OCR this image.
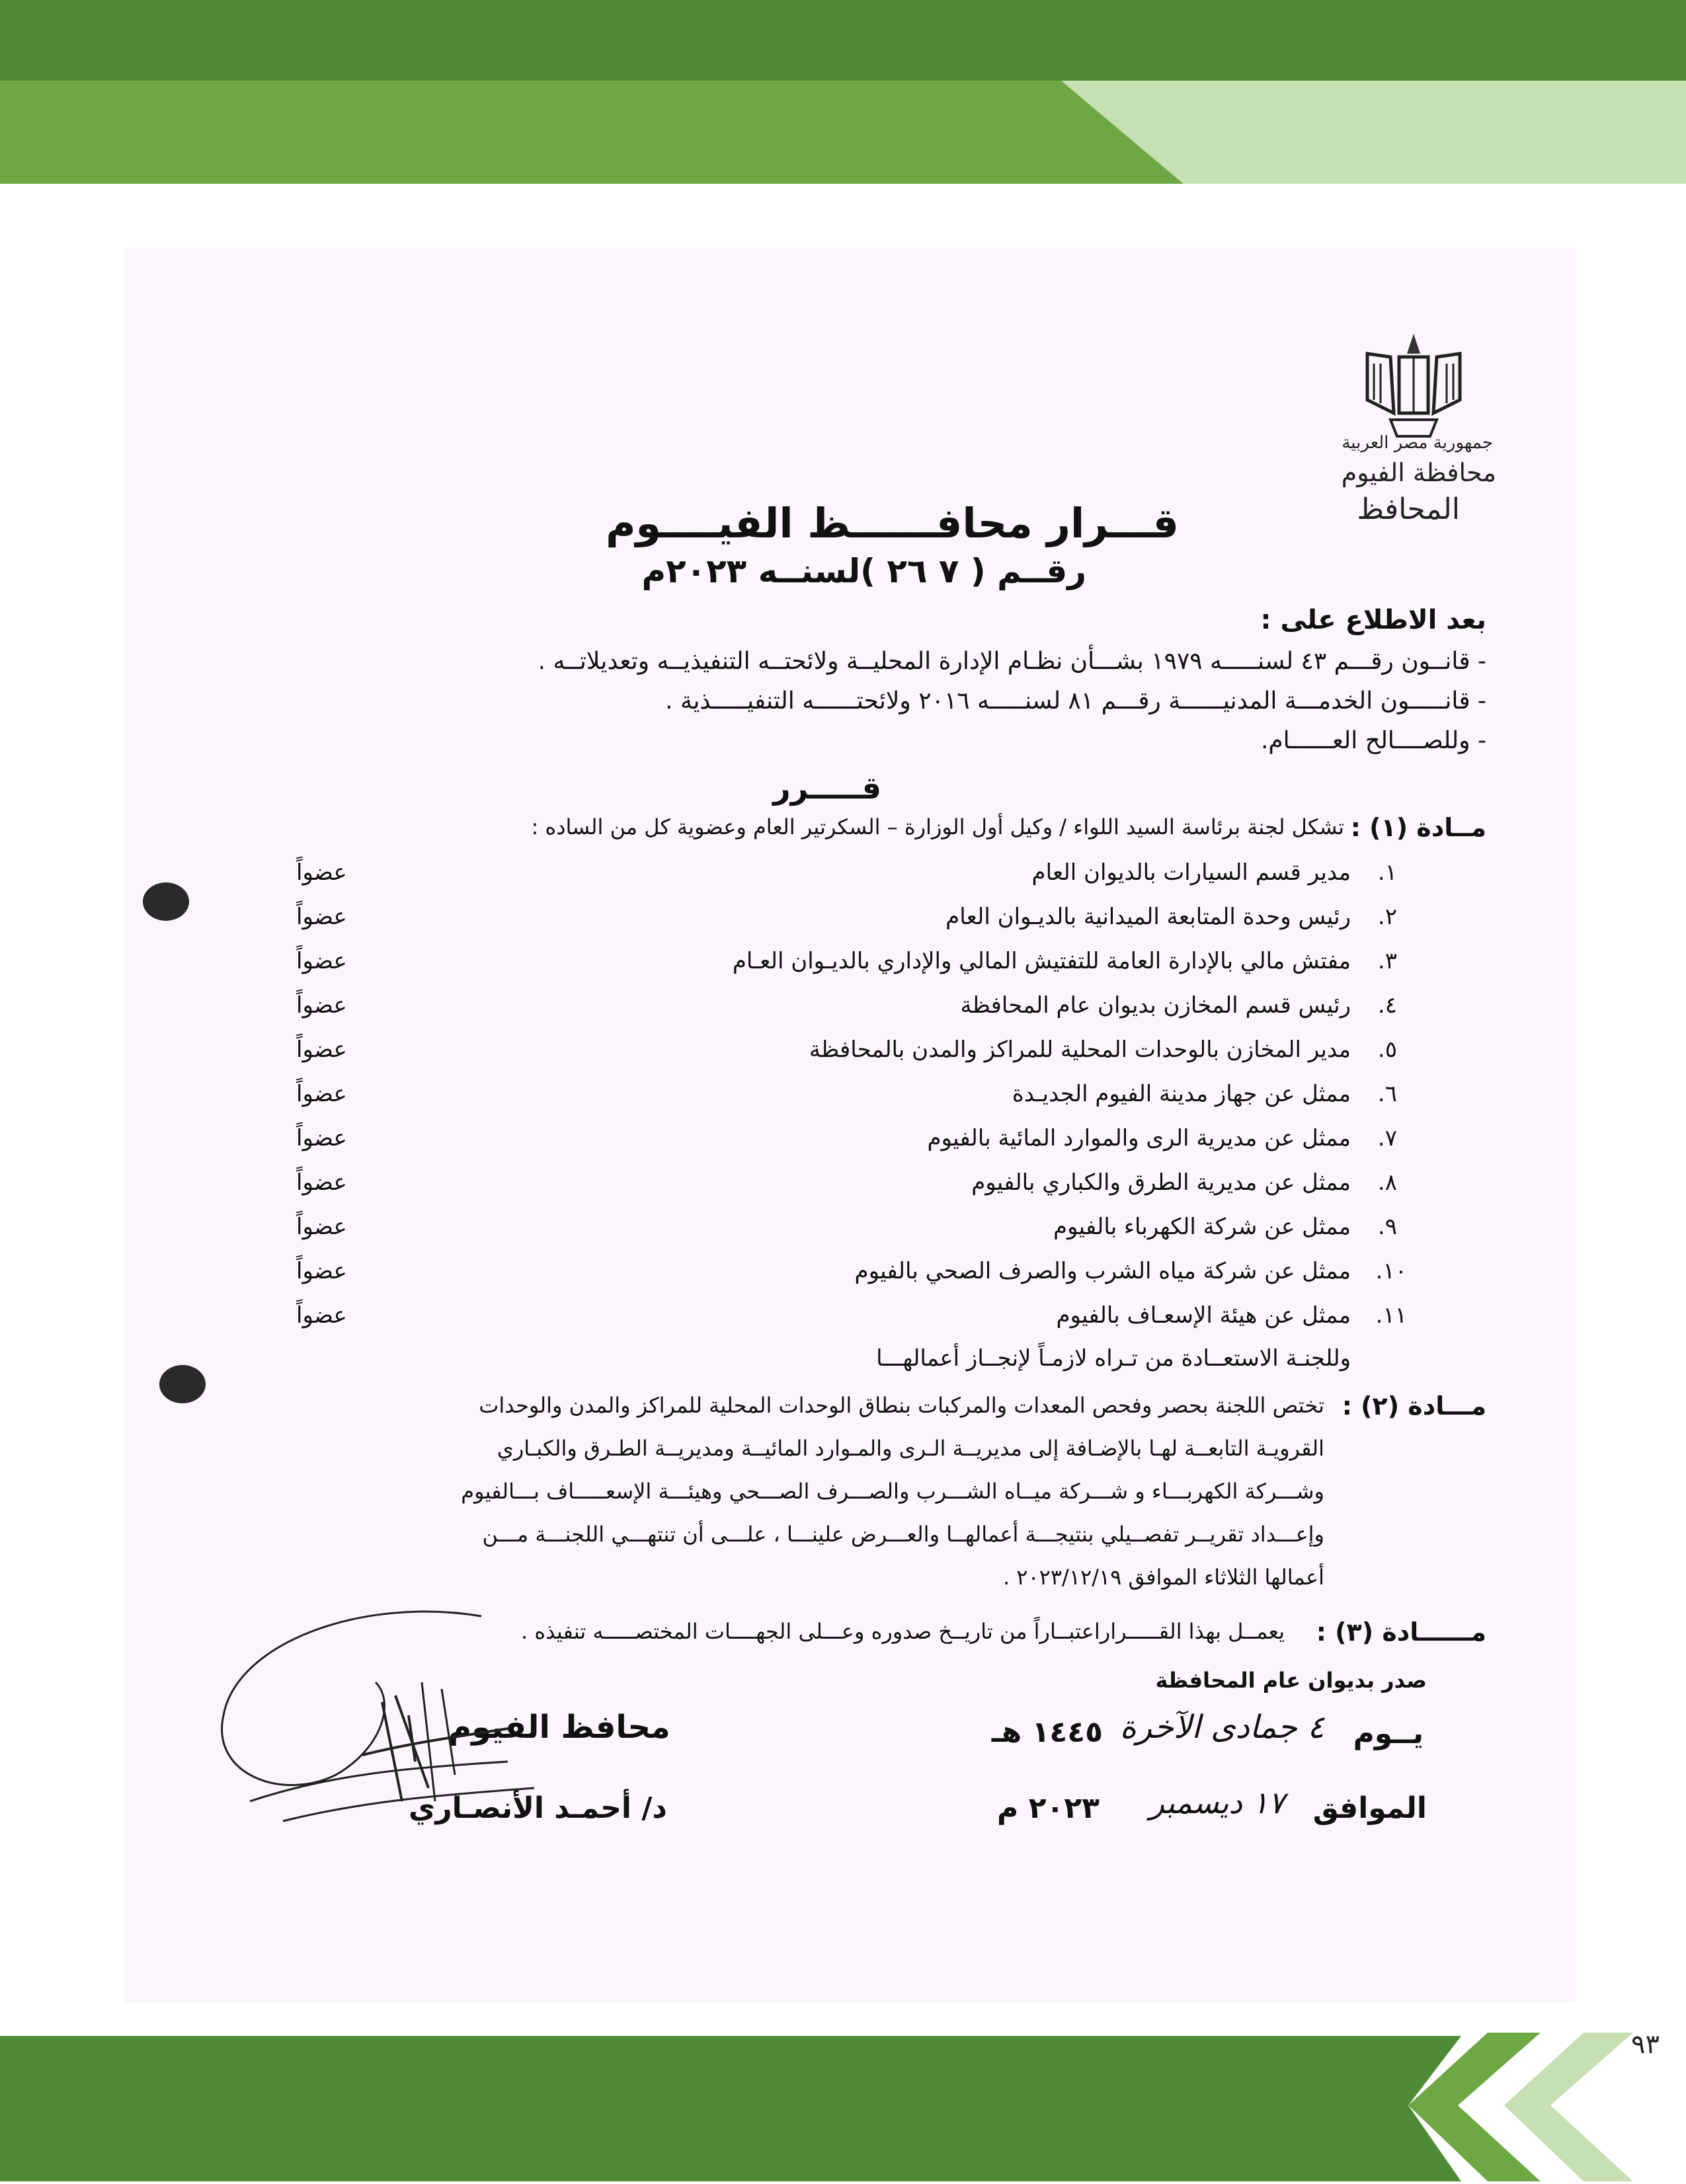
٩٣
جمهورية مصر العربية
محافظة الفيوم
المحافظ
قـــرار محافــــــظ الفيــــوم
رقــم ( ٧ ٢٦ )لسنــه ٢٠٢٣م
بعد الاطلاع على :
- قانــون رقـــم ٤٣ لسنـــــه ١٩٧٩ بشـــأن نظـام الإدارة المحليــة ولائحتــه التنفيذيــه وتعديلاتــه .
- قانـــــون الخدمـــة المدنيــــــة رقـــم ٨١ لسنـــــه ٢٠١٦ ولائحتــــــه التنفيـــــذية .
- وللصــــالح العــــــام.
قـــــرر
مــادة (١) :
تشكل لجنة برئاسة السيد اللواء / وكيل أول الوزارة – السكرتير العام وعضوية كل من الساده :
١.
مدير قسم السيارات بالديوان العام
عضواً
٢.
رئيس وحدة المتابعة الميدانية بالديـوان العام
عضواً
٣.
مفتش مالي بالإدارة العامة للتفتيش المالي والإداري بالديـوان العـام
عضواً
٤.
رئيس قسم المخازن بديوان عام المحافظة
عضواً
٥.
مدير المخازن بالوحدات المحلية للمراكز والمدن بالمحافظة
عضواً
٦.
ممثل عن جهاز مدينة الفيوم الجديـدة
عضواً
٧.
ممثل عن مديرية الرى والموارد المائية بالفيوم
عضواً
٨.
ممثل عن مديرية الطرق والكباري بالفيوم
عضواً
٩.
ممثل عن شركة الكهرباء بالفيوم
عضواً
١٠.
ممثل عن شركة مياه الشرب والصرف الصحي بالفيوم
عضواً
١١.
ممثل عن هيئة الإسعـاف بالفيوم
عضواً
وللجنـة الاستعــادة من تـراه لازمـاً لإنجــاز أعمالهـــا
مـــادة (٢) :
تختص اللجنة بحصر وفحص المعدات والمركبات بنطاق الوحدات المحلية للمراكز والمدن والوحدات
القرويـة التابعــة لهـا بالإضـافة إلى مديريــة الـرى والمـوارد المائيــة ومديريــة الطـرق والكبـاري
وشـــركة الكهربـــاء و شـــركة ميــاه الشـــرب والصـــرف الصـــحي وهيئـــة الإسعـــــاف بـــالفيوم
وإعـــداد تقريــر تفصــيلي بنتيجـــة أعمالهــا والعـــرض علينـــا ، علـــى أن تنتهـــي اللجنـــة مـــن
أعمالها الثلاثاء الموافق ٢٠٢٣/١٢/١٩ .
مــــــادة (٣) :
يعمــل بهذا القـــــراراعتبــاراً من تاريــخ صدوره وعـــلى الجهــــات المختصـــــه تنفيذه .
صدر بديوان عام المحافظة
يــوم
٤ جمادى الآخرة
١٤٤٥ هـ
الموافق
١٧ ديسمبر
٢٠٢٣ م
محافظ الفيوم
د/ أحمـد الأنصـاري
